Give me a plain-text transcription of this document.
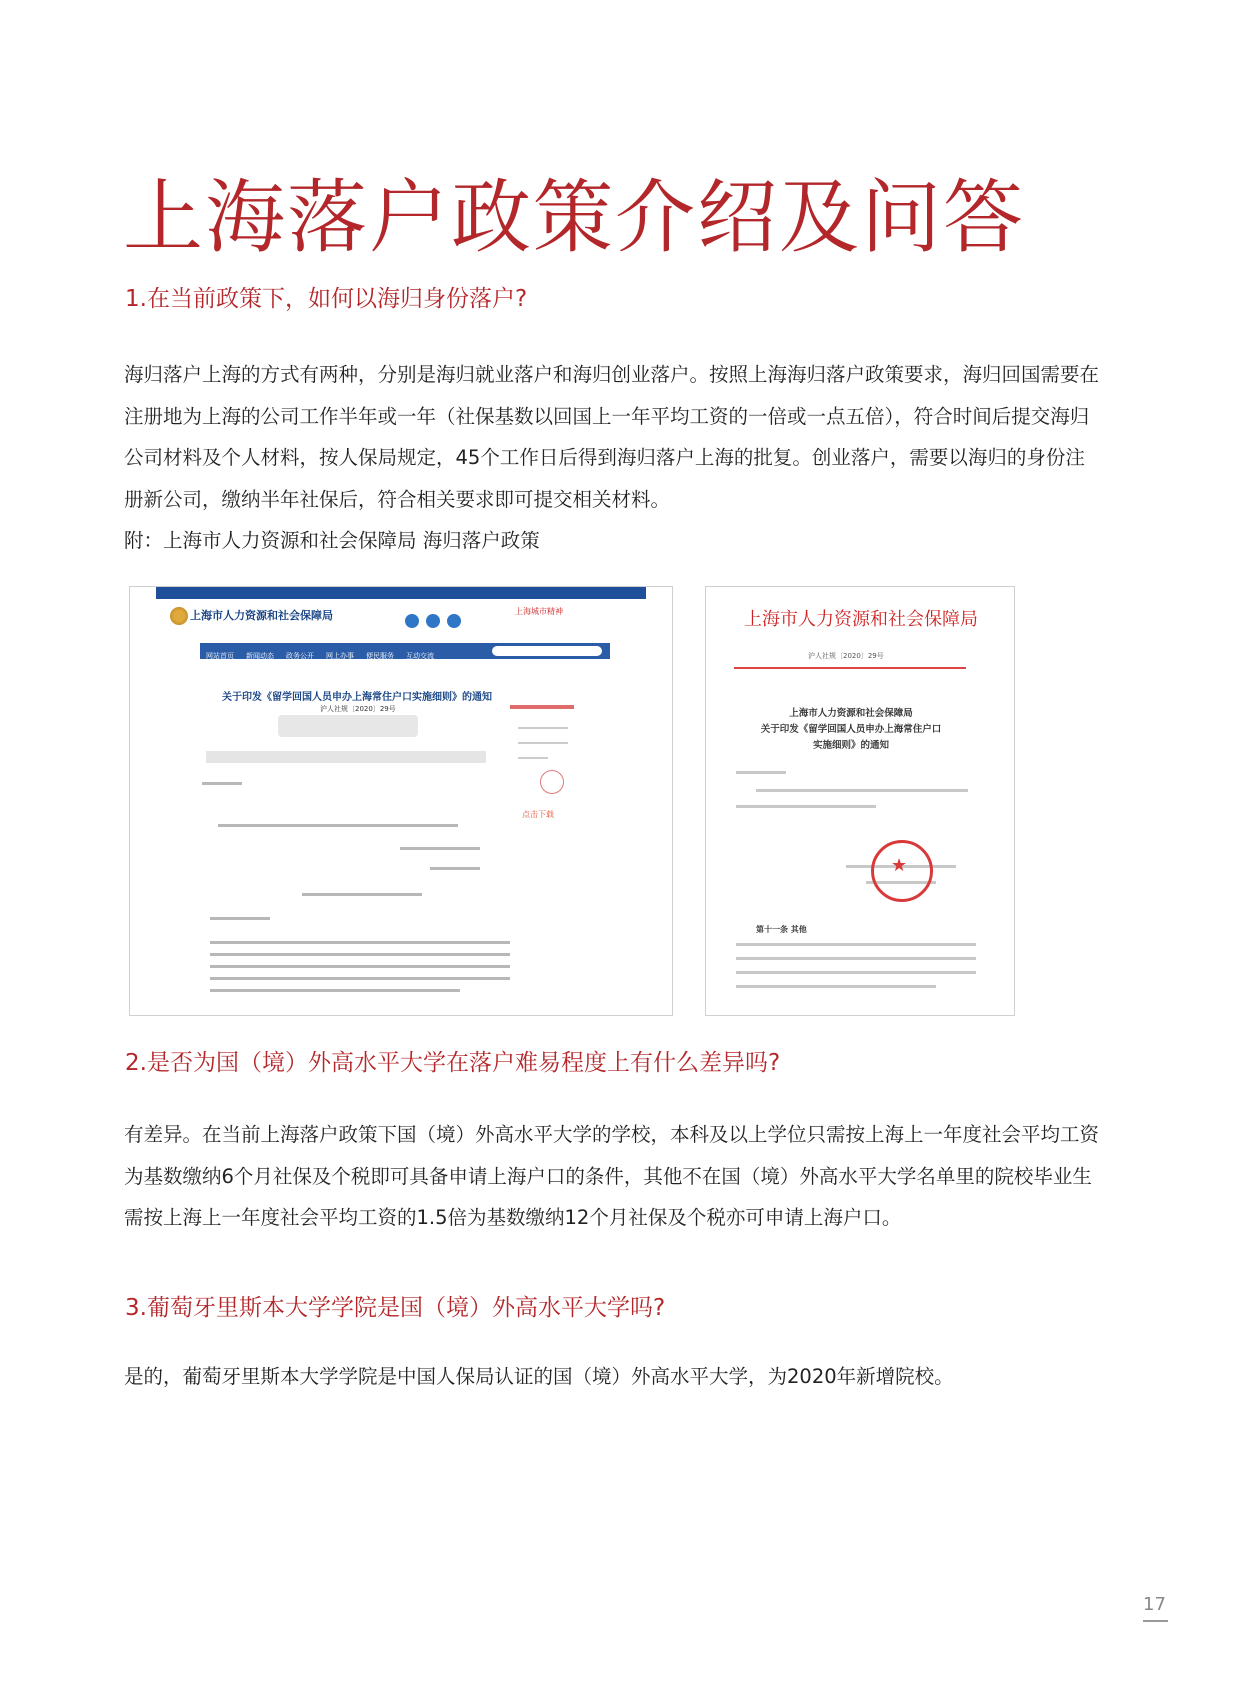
上海落户政策介绍及问答
1.在当前政策下，如何以海归身份落户?

海归落户上海的方式有两种，分别是海归就业落户和海归创业落户。按照上海海归落户政策要求，海归回国需要在注册地为上海的公司工作半年或一年（社保基数以回国上一年平均工资的一倍或一点五倍），符合时间后提交海归公司材料及个人材料，按人保局规定，45个工作日后得到海归落户上海的批复。创业落户，需要以海归的身份注册新公司，缴纳半年社保后，符合相关要求即可提交相关材料。

附：上海市人力资源和社会保障局 海归落户政策
上海市人力资源和社会保障局	上海城市精神
网站首页 新闻动态 政务公开 网上办事 便民服务 互动交流
关于印发《留学回国人员申办上海常住户口实施细则》的通知
沪人社规〔2020〕29号
点击下载
上海市人力资源和社会保障局
沪人社规〔2020〕29号
上海市人力资源和社会保障局
关于印发《留学回国人员申办上海常住户口
实施细则》的通知
★
第十一条 其他
2.是否为国（境）外高水平大学在落户难易程度上有什么差异吗?

有差异。在当前上海落户政策下国（境）外高水平大学的学校，本科及以上学位只需按上海上一年度社会平均工资为基数缴纳6个月社保及个税即可具备申请上海户口的条件，其他不在国（境）外高水平大学名单里的院校毕业生需按上海上一年度社会平均工资的1.5倍为基数缴纳12个月社保及个税亦可申请上海户口。

3.葡萄牙里斯本大学学院是国（境）外高水平大学吗?

是的，葡萄牙里斯本大学学院是中国人保局认证的国（境）外高水平大学，为2020年新增院校。

17
